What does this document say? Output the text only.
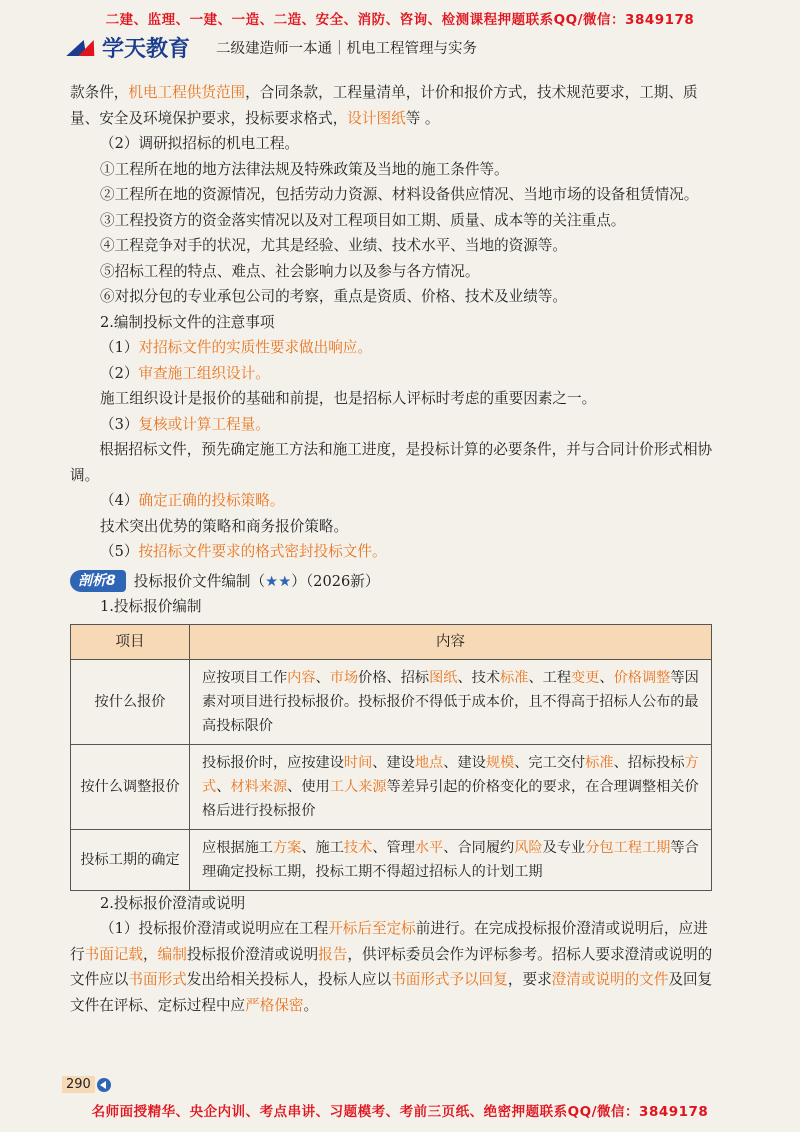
二建、监理、一建、一造、二造、安全、消防、咨询、检测课程押题联系QQ/微信：3849178
学天教育 二级建造师一本通｜机电工程管理与实务

款条件，机电工程供货范围，合同条款，工程量清单，计价和报价方式，技术规范要求，工期、质量、安全及环境保护要求，投标要求格式，设计图纸等 。

（2）调研拟招标的机电工程。

①工程所在地的地方法律法规及特殊政策及当地的施工条件等。

②工程所在地的资源情况，包括劳动力资源、材料设备供应情况、当地市场的设备租赁情况。

③工程投资方的资金落实情况以及对工程项目如工期、质量、成本等的关注重点。

④工程竞争对手的状况，尤其是经验、业绩、技术水平、当地的资源等。

⑤招标工程的特点、难点、社会影响力以及参与各方情况。

⑥对拟分包的专业承包公司的考察，重点是资质、价格、技术及业绩等。

2.编制投标文件的注意事项

（1）对招标文件的实质性要求做出响应。

（2）审查施工组织设计。

施工组织设计是报价的基础和前提，也是招标人评标时考虑的重要因素之一。

（3）复核或计算工程量。

根据招标文件，预先确定施工方法和施工进度，是投标计算的必要条件，并与合同计价形式相协调。

（4）确定正确的投标策略。

技术突出优势的策略和商务报价策略。

（5）按招标文件要求的格式密封投标文件。

剖析8	投标报价文件编制（ ★★ ）（2026新）

1.投标报价编制

项目	内容
按什么报价	应按项目工作内容、市场价格、招标图纸、技术标准、工程变更、价格调整等因素对项目进行投标报价。投标报价不得低于成本价，且不得高于招标人公布的最高投标限价
按什么调整报价	投标报价时，应按建设时间、建设地点、建设规模、完工交付标准、招标投标方式、材料来源、使用工人来源等差异引起的价格变化的要求，在合理调整相关价格后进行投标报价
投标工期的确定	应根据施工方案、施工技术、管理水平、合同履约风险及专业分包工程工期等合理确定投标工期，投标工期不得超过招标人的计划工期

2.投标报价澄清或说明

（1）投标报价澄清或说明应在工程开标后至定标前进行。在完成投标报价澄清或说明后，应进行书面记载，编制投标报价澄清或说明报告，供评标委员会作为评标参考。招标人要求澄清或说明的文件应以书面形式发出给相关投标人，投标人应以书面形式予以回复，要求澄清或说明的文件及回复文件在评标、定标过程中应严格保密。

290
名师面授精华、央企内训、考点串讲、习题模考、考前三页纸、绝密押题联系QQ/微信：3849178
